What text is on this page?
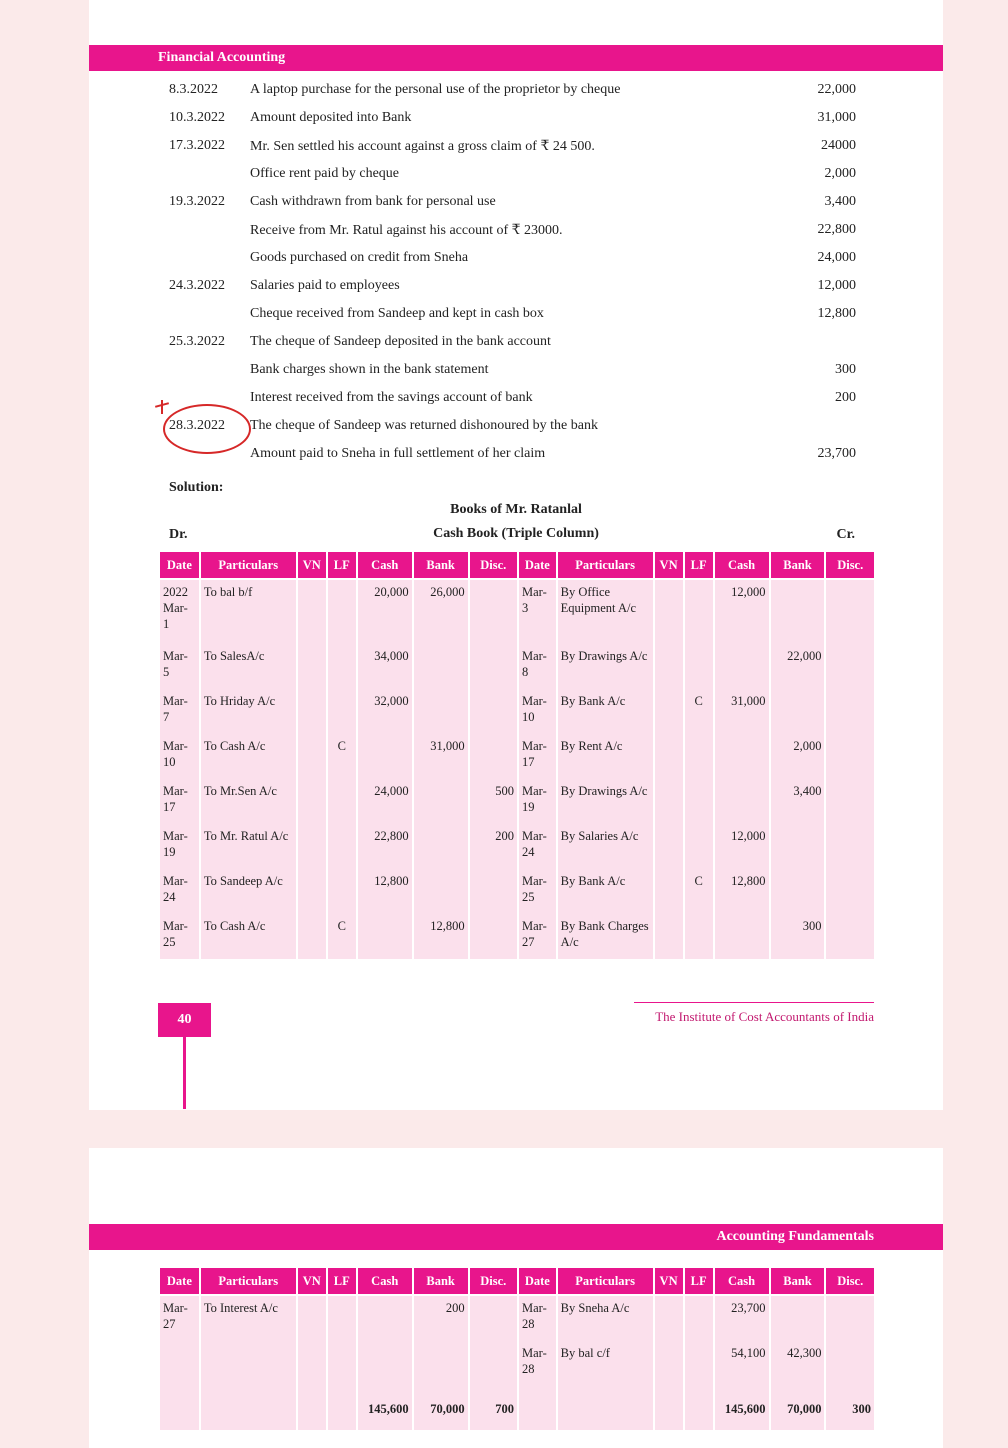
Financial Accounting
8.3.2022 A laptop purchase for the personal use of the proprietor by cheque	22,000
10.3.2022 Amount deposited into Bank	31,000
17.3.2022 Mr. Sen settled his account against a gross claim of ₹ 24 500.	24000
Office rent paid by cheque	2,000
19.3.2022 Cash withdrawn from bank for personal use	3,400
Receive from Mr. Ratul against his account of ₹ 23000.	22,800
Goods purchased on credit from Sneha	24,000
24.3.2022 Salaries paid to employees	12,000
Cheque received from Sandeep and kept in cash box	12,800
25.3.2022 The cheque of Sandeep deposited in the bank account
Bank charges shown in the bank statement	300
Interest received from the savings account of bank	200
28.3.2022 The cheque of Sandeep was returned dishonoured by the bank
Amount paid to Sneha in full settlement of her claim	23,700
Solution:
Books of Mr. Ratanlal
Cash Book (Triple Column)
Dr.	Cr.
Date	Particulars	VN	LF	Cash	Bank	Disc.	Date	Particulars	VN	LF	Cash	Bank	Disc.
2022 Mar- 1	To bal b/f			20,000	26,000		Mar- 3	By Office Equipment A/c			12,000		
Mar- 5	To SalesA/c			34,000			Mar- 8	By Drawings A/c				22,000	
Mar- 7	To Hriday A/c			32,000			Mar- 10	By Bank A/c		C	31,000		
Mar- 10	To Cash A/c		C		31,000		Mar- 17	By Rent A/c				2,000	
Mar- 17	To Mr.Sen A/c			24,000		500	Mar- 19	By Drawings A/c				3,400	
Mar- 19	To Mr. Ratul A/c			22,800		200	Mar- 24	By Salaries A/c			12,000		
Mar- 24	To Sandeep A/c			12,800			Mar- 25	By Bank A/c		C	12,800		
Mar- 25	To Cash A/c		C		12,800		Mar- 27	By Bank Charges A/c				300	
40	The Institute of Cost Accountants of India
Accounting Fundamentals
Date	Particulars	VN	LF	Cash	Bank	Disc.	Date	Particulars	VN	LF	Cash	Bank	Disc.
Mar- 27	To Interest A/c				200		Mar- 28	By Sneha A/c			23,700		
							Mar- 28	By bal c/f			54,100	42,300	
				145,600	70,000	700					145,600	70,000	300
